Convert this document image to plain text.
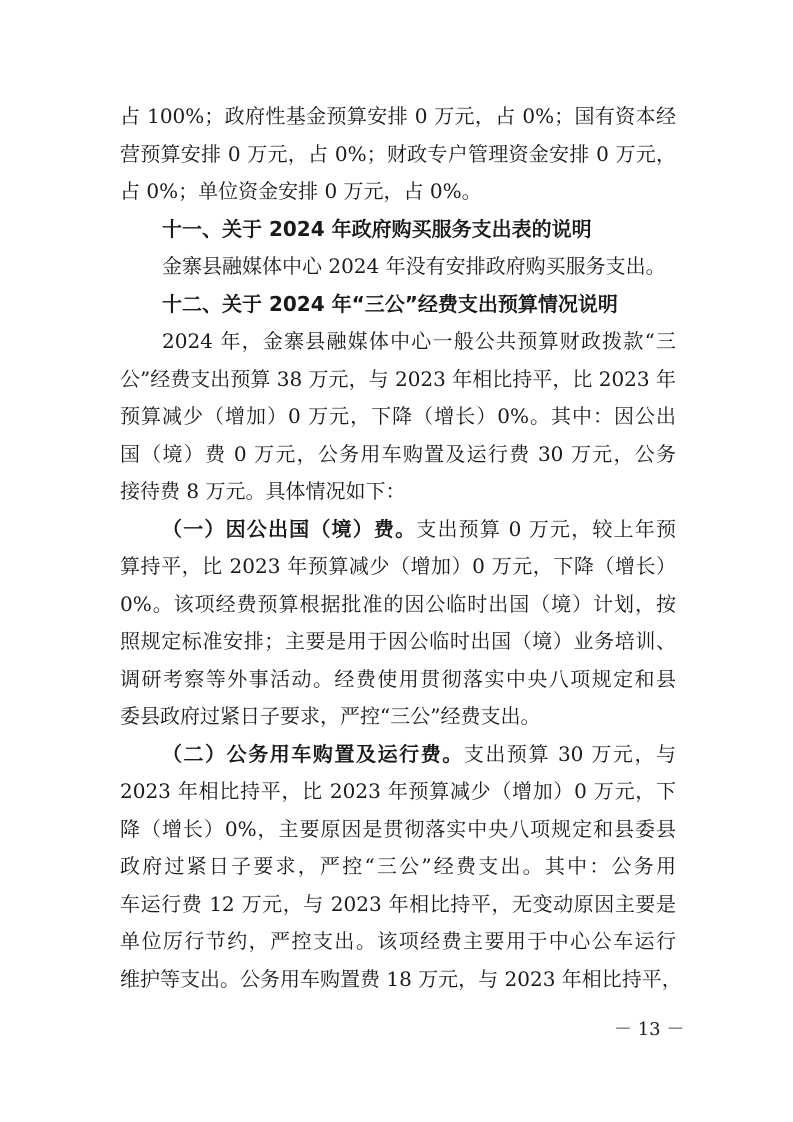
占 100%；政府性基金预算安排 0 万元，占 0%；国有资本经
营预算安排 0 万元，占 0%；财政专户管理资金安排 0 万元，
占 0%；单位资金安排 0 万元，占 0%。
十一、关于 2024 年政府购买服务支出表的说明
金寨县融媒体中心 2024 年没有安排政府购买服务支出。
十二、关于 2024 年“三公”经费支出预算情况说明
2024 年，金寨县融媒体中心一般公共预算财政拨款“三
公”经费支出预算 38 万元，与 2023 年相比持平，比 2023 年
预算减少（增加）0 万元，下降（增长）0%。其中：因公出
国（境）费 0 万元，公务用车购置及运行费 30 万元，公务
接待费 8 万元。具体情况如下：
（一）因公出国（境）费。支出预算 0 万元，较上年预
算持平，比 2023 年预算减少（增加）0 万元，下降（增长）
0%。该项经费预算根据批准的因公临时出国（境）计划，按
照规定标准安排；主要是用于因公临时出国（境）业务培训、
调研考察等外事活动。经费使用贯彻落实中央八项规定和县
委县政府过紧日子要求，严控“三公”经费支出。
（二）公务用车购置及运行费。支出预算 30 万元，与
2023 年相比持平，比 2023 年预算减少（增加）0 万元，下
降（增长）0%，主要原因是贯彻落实中央八项规定和县委县
政府过紧日子要求，严控“三公”经费支出。其中：公务用
车运行费 12 万元，与 2023 年相比持平，无变动原因主要是
单位厉行节约，严控支出。该项经费主要用于中心公车运行
维护等支出。公务用车购置费 18 万元，与 2023 年相比持平，
－ 13 －
